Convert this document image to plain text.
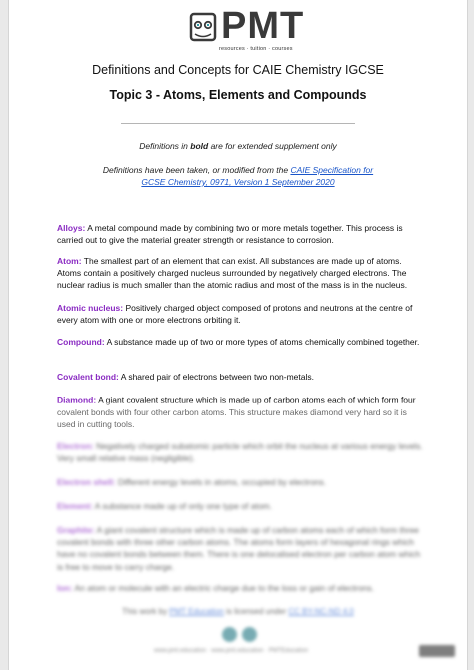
PMT
resources · tuition · courses
Definitions and Concepts for CAIE Chemistry IGCSE
Topic 3 - Atoms, Elements and Compounds
Definitions in bold are for extended supplement only
Definitions have been taken, or modified from the CAIE Specification for
GCSE Chemistry, 0971, Version 1 September 2020
Alloys: A metal compound made by combining two or more metals together. This process is carried out to give the material greater strength or resistance to corrosion.
Atom: The smallest part of an element that can exist. All substances are made up of atoms. Atoms contain a positively charged nucleus surrounded by negatively charged electrons. The nuclear radius is much smaller than the atomic radius and most of the mass is in the nucleus.
Atomic nucleus: Positively charged object composed of protons and neutrons at the centre of every atom with one or more electrons orbiting it.
Compound: A substance made up of two or more types of atoms chemically combined together.
Covalent bond: A shared pair of electrons between two non-metals.
Diamond: A giant covalent structure which is made up of carbon atoms each of which form four covalent bonds with four other carbon atoms. This structure makes diamond very hard so it is used in cutting tools.
Electron: Negatively charged subatomic particle which orbit the nucleus at various energy levels. Very small relative mass (negligible).
Electron shell: Different energy levels in atoms, occupied by electrons.
Element: A substance made up of only one type of atom.
Graphite: A giant covalent structure which is made up of carbon atoms each of which form three covalent bonds with three other carbon atoms. The atoms form layers of hexagonal rings which have no covalent bonds between them. There is one delocalised electron per carbon atom which is free to move to carry charge.
Ion: An atom or molecule with an electric charge due to the loss or gain of electrons.
This work by PMT Education is licensed under CC BY-NC-ND 4.0
www.pmt.education · www.pmt.education · PMTEducation
